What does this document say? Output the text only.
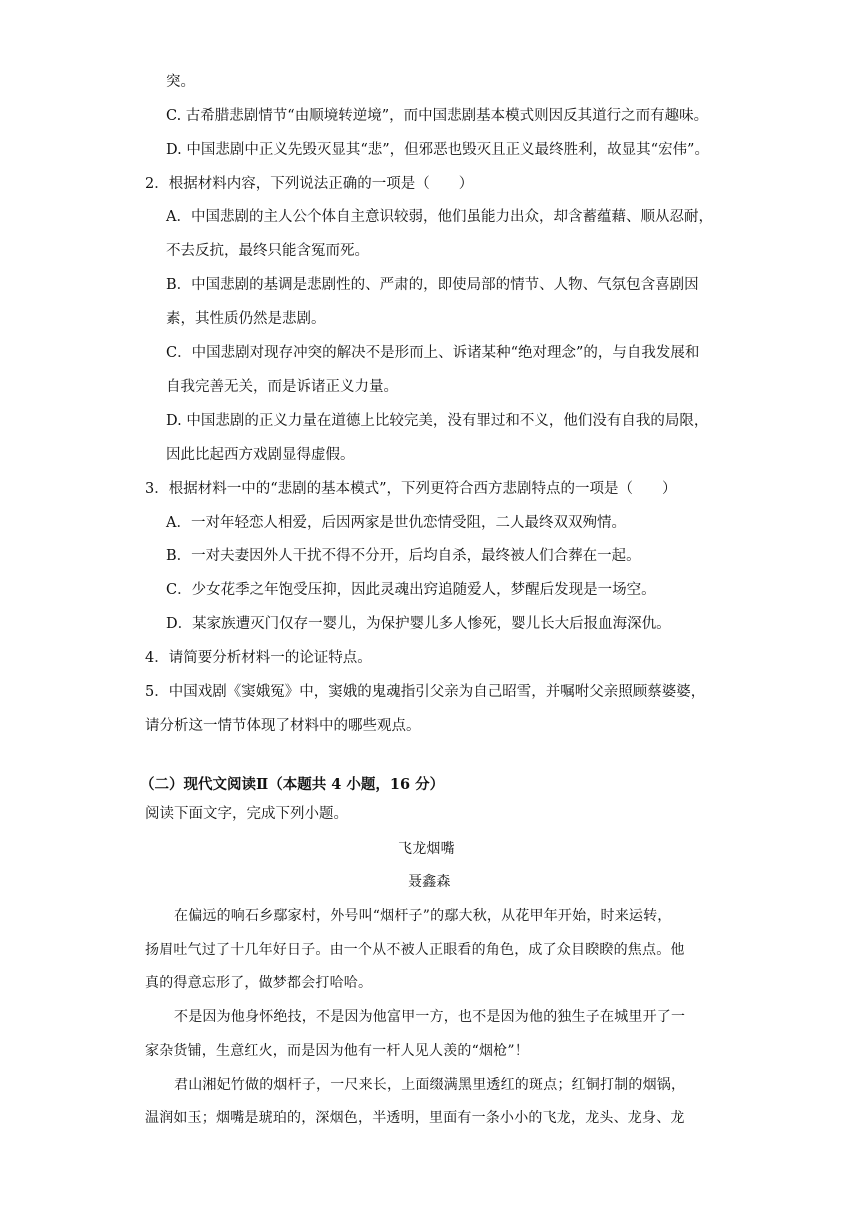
突。
C. 古希腊悲剧情节“由顺境转逆境”，而中国悲剧基本模式则因反其道行之而有趣味。
D. 中国悲剧中正义先毁灭显其“悲”，但邪恶也毁灭且正义最终胜利，故显其“宏伟”。
2．根据材料内容，下列说法正确的一项是（　　）
A．中国悲剧的主人公个体自主意识较弱，他们虽能力出众，却含蓄蕴藉、顺从忍耐，
不去反抗，最终只能含冤而死。
B．中国悲剧的基调是悲剧性的、严肃的，即使局部的情节、人物、气氛包含喜剧因
素，其性质仍然是悲剧。
C．中国悲剧对现存冲突的解决不是形而上、诉诸某种“绝对理念”的，与自我发展和
自我完善无关，而是诉诸正义力量。
D. 中国悲剧的正义力量在道德上比较完美，没有罪过和不义，他们没有自我的局限，
因此比起西方戏剧显得虚假。
3．根据材料一中的“悲剧的基本模式”，下列更符合西方悲剧特点的一项是（　　）
A．一对年轻恋人相爱，后因两家是世仇恋情受阻，二人最终双双殉情。
B．一对夫妻因外人干扰不得不分开，后均自杀，最终被人们合葬在一起。
C．少女花季之年饱受压抑，因此灵魂出窍追随爱人，梦醒后发现是一场空。
D．某家族遭灭门仅存一婴儿，为保护婴儿多人惨死，婴儿长大后报血海深仇。
4．请简要分析材料一的论证特点。
5．中国戏剧《窦娥冤》中，窦娥的鬼魂指引父亲为自己昭雪，并嘱咐父亲照顾蔡婆婆，
请分析这一情节体现了材料中的哪些观点。
（二）现代文阅读Ⅱ（本题共 4 小题，16 分）
阅读下面文字，完成下列小题。
飞龙烟嘴
聂鑫森
在偏远的响石乡鄢家村，外号叫“烟杆子”的鄢大秋，从花甲年开始，时来运转，
扬眉吐气过了十几年好日子。由一个从不被人正眼看的角色，成了众目睽睽的焦点。他
真的得意忘形了，做梦都会打哈哈。
不是因为他身怀绝技，不是因为他富甲一方，也不是因为他的独生子在城里开了一
家杂货铺，生意红火，而是因为他有一杆人见人羡的“烟枪”！
君山湘妃竹做的烟杆子，一尺来长，上面缀满黑里透红的斑点；红铜打制的烟锅，
温润如玉；烟嘴是琥珀的，深烟色，半透明，里面有一条小小的飞龙，龙头、龙身、龙
